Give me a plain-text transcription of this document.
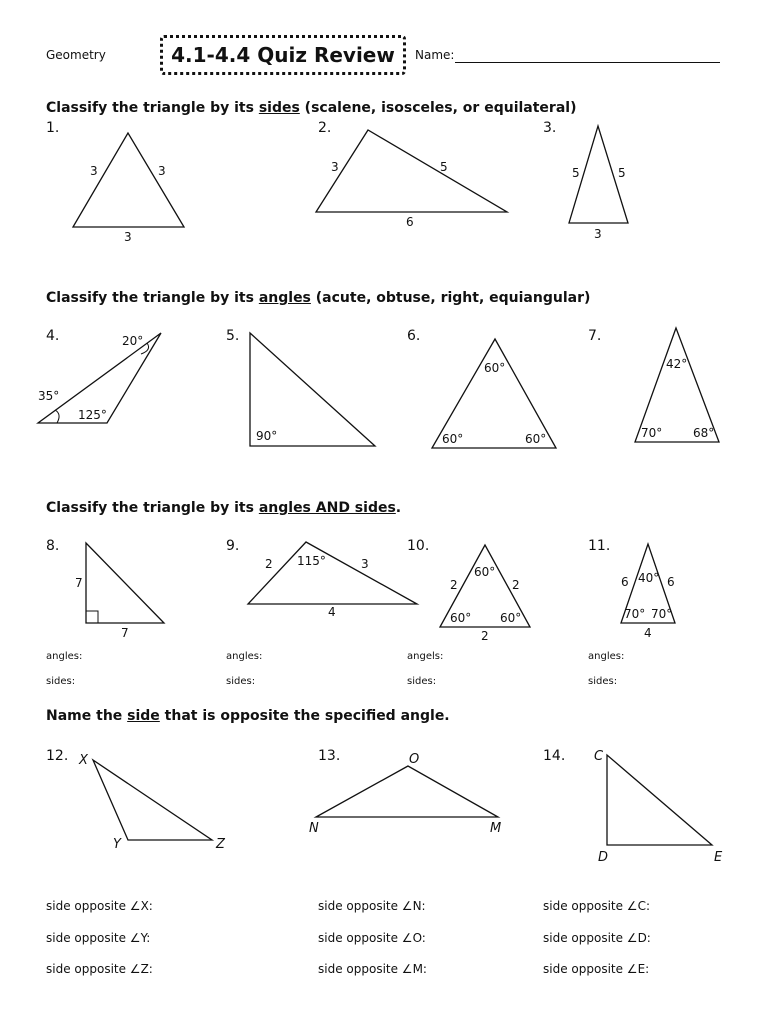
Geometry	4.1-4.4 Quiz Review	Name:
Classify the triangle by its sides (scalene, isosceles, or equilateral)
Classify the triangle by its angles (acute, obtuse, right, equiangular)
Classify the triangle by its angles AND sides.
Name the side that is opposite the specified angle.
1.	2.	3.
4.	5.	6.	7.
8.	9.	10.	11.
12.	13.	14.
angles:
sides:
angles:
sides:
angels:
sides:
angles:
sides:
side opposite ∠X:
side opposite ∠Y:
side opposite ∠Z:
side opposite ∠N:
side opposite ∠O:
side opposite ∠M:
side opposite ∠C:
side opposite ∠D:
side opposite ∠E:
3	3
3
3	5
6
5	5
3
20°
35°
125°
90°
60°
60°	60°
42°
70°	68°
7
7
2 115°	3
4
60°
2	2
60° 60°
2
40°
6	6
70° 70°
4
X
Y	Z
O
N	M
C
D	E
